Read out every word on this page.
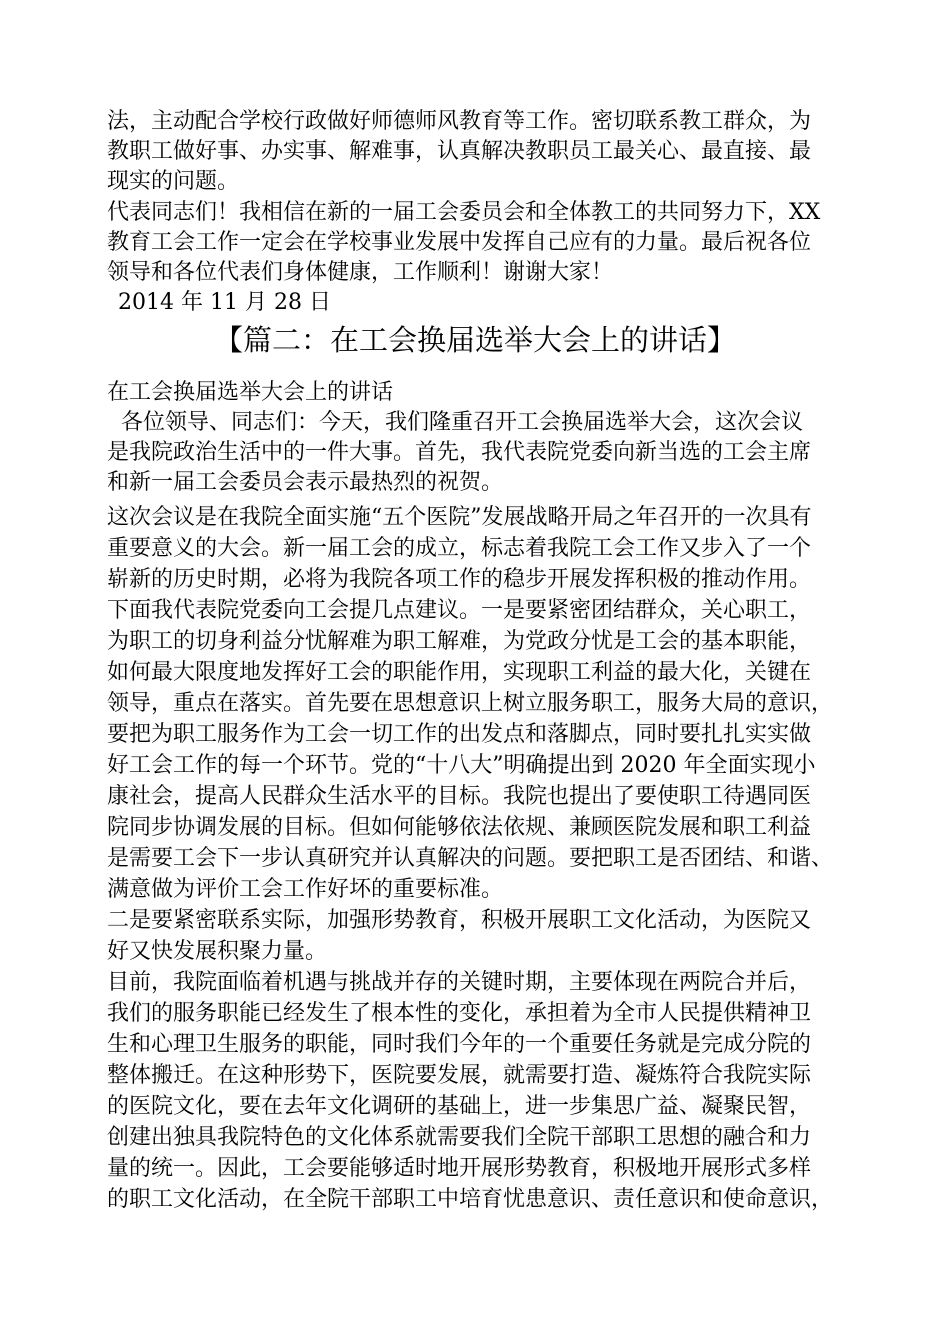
法，主动配合学校行政做好师德师风教育等工作。密切联系教工群众，为
教职工做好事、办实事、解难事，认真解决教职员工最关心、最直接、最
现实的问题。
代表同志们！我相信在新的一届工会委员会和全体教工的共同努力下，XX
教育工会工作一定会在学校事业发展中发挥自己应有的力量。最后祝各位
领导和各位代表们身体健康，工作顺利！谢谢大家！
2014 年 11 月 28 日
【篇二：在工会换届选举大会上的讲话】
在工会换届选举大会上的讲话
各位领导、同志们：今天，我们隆重召开工会换届选举大会，这次会议
是我院政治生活中的一件大事。首先，我代表院党委向新当选的工会主席
和新一届工会委员会表示最热烈的祝贺。
这次会议是在我院全面实施“五个医院”发展战略开局之年召开的一次具有
重要意义的大会。新一届工会的成立，标志着我院工会工作又步入了一个
崭新的历史时期，必将为我院各项工作的稳步开展发挥积极的推动作用。
下面我代表院党委向工会提几点建议。一是要紧密团结群众，关心职工，
为职工的切身利益分忧解难为职工解难，为党政分忧是工会的基本职能，
如何最大限度地发挥好工会的职能作用，实现职工利益的最大化，关键在
领导，重点在落实。首先要在思想意识上树立服务职工，服务大局的意识，
要把为职工服务作为工会一切工作的出发点和落脚点，同时要扎扎实实做
好工会工作的每一个环节。党的“十八大”明确提出到 2020 年全面实现小
康社会，提高人民群众生活水平的目标。我院也提出了要使职工待遇同医
院同步协调发展的目标。但如何能够依法依规、兼顾医院发展和职工利益
是需要工会下一步认真研究并认真解决的问题。要把职工是否团结、和谐、
满意做为评价工会工作好坏的重要标准。
二是要紧密联系实际，加强形势教育，积极开展职工文化活动，为医院又
好又快发展积聚力量。
目前，我院面临着机遇与挑战并存的关键时期，主要体现在两院合并后，
我们的服务职能已经发生了根本性的变化，承担着为全市人民提供精神卫
生和心理卫生服务的职能，同时我们今年的一个重要任务就是完成分院的
整体搬迁。在这种形势下，医院要发展，就需要打造、凝炼符合我院实际
的医院文化，要在去年文化调研的基础上，进一步集思广益、凝聚民智，
创建出独具我院特色的文化体系就需要我们全院干部职工思想的融合和力
量的统一。因此，工会要能够适时地开展形势教育，积极地开展形式多样
的职工文化活动，在全院干部职工中培育忧患意识、责任意识和使命意识，
